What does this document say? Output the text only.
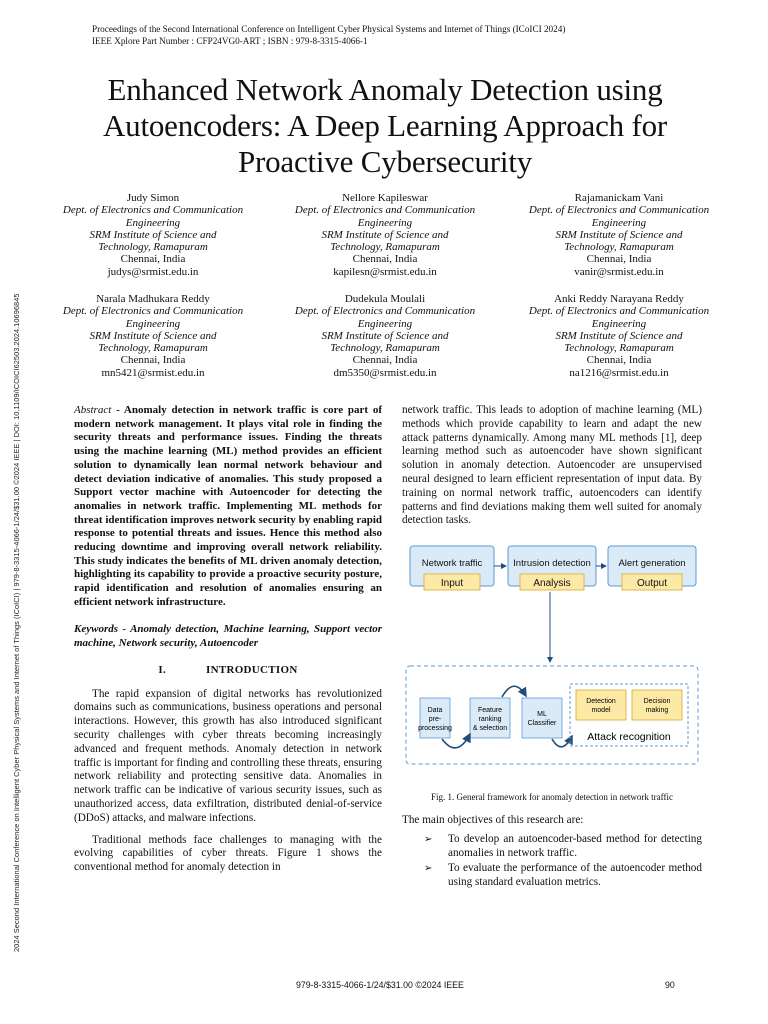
Proceedings of the Second International Conference on Intelligent Cyber Physical Systems and Internet of Things (ICoICI 2024)
IEEE Xplore Part Number : CFP24VG0-ART ; ISBN : 979-8-3315-4066-1
2024 Second International Conference on Intelligent Cyber Physical Systems and Internet of Things (ICoICI) | 979-8-3315-4066-1/24/$31.00 ©2024 IEEE | DOI: 10.1109/ICOICI62503.2024.10696845
Enhanced Network Anomaly Detection using Autoencoders: A Deep Learning Approach for Proactive Cybersecurity
Judy Simon
Dept. of Electronics and Communication
Engineering
SRM Institute of Science and
Technology, Ramapuram
Chennai, India
judys@srmist.edu.in
Nellore Kapileswar
Dept. of Electronics and Communication
Engineering
SRM Institute of Science and
Technology, Ramapuram
Chennai, India
kapilesn@srmist.edu.in
Rajamanickam Vani
Dept. of Electronics and Communication
Engineering
SRM Institute of Science and
Technology, Ramapuram
Chennai, India
vanir@srmist.edu.in
Narala Madhukara Reddy
Dept. of Electronics and Communication
Engineering
SRM Institute of Science and
Technology, Ramapuram
Chennai, India
mn5421@srmist.edu.in
Dudekula Moulali
Dept. of Electronics and Communication
Engineering
SRM Institute of Science and
Technology, Ramapuram
Chennai, India
dm5350@srmist.edu.in
Anki Reddy Narayana Reddy
Dept. of Electronics and Communication
Engineering
SRM Institute of Science and
Technology, Ramapuram
Chennai, India
na1216@srmist.edu.in

Abstract - Anomaly detection in network traffic is core part of modern network management. It plays vital role in finding the security threats and performance issues. Finding the threats using the machine learning (ML) method provides an efficient solution to dynamically lean normal network behaviour and detect deviation indicative of anomalies. This study proposed a Support vector machine with Autoencoder for detecting the anomalies in network traffic. Implementing ML methods for threat identification improves network security by enabling rapid response to potential threats and issues. Hence this method also reducing downtime and improving overall network reliability. This study indicates the benefits of ML driven anomaly detection, highlighting its capability to provide a proactive security posture, rapid identification and resolution of anomalies ensuring an efficient network infrastructure.

Keywords - Anomaly detection, Machine learning, Support vector machine, Network security, Autoencoder

I.	INTRODUCTION

The rapid expansion of digital networks has revolutionized domains such as communications, business operations and personal interactions. However, this growth has also introduced significant security challenges with cyber threats becoming increasingly advanced and frequent methods. Anomaly detection in network traffic is important for finding and controlling these threats, ensuring network reliability and protecting sensitive data. Anomalies in network traffic can be indicative of various security issues, such as unauthorized access, data exfiltration, distributed denial-of-service (DDoS) attacks, and malware infections.

Traditional methods face challenges to managing with the evolving capabilities of cyber threats. Figure 1 shows the conventional method for anomaly detection in

network traffic. This leads to adoption of machine learning (ML) methods which provide capability to learn and adapt the new attack patterns dynamically. Among many ML methods [1], deep learning method such as autoencoder have shown significant solution in anomaly detection. Autoencoder are unsupervised neural designed to learn efficient representation of input data. By training on normal network traffic, autoencoders can identify patterns and find deviations making them well suited for anomaly detection tasks.

Network traffic
Input
Intrusion detection
Analysis
Alert generation
Output
Data
pre-
processing
Feature
ranking
& selection
ML
Classifier
Detection
model
Decision
making
Attack recognition
Fig. 1. General framework for anomaly detection in network traffic
The main objectives of this research are:
➢ To develop an autoencoder-based method for detecting anomalies in network traffic.
➢ To evaluate the performance of the autoencoder method using standard evaluation metrics.
979-8-3315-4066-1/24/$31.00 ©2024 IEEE	90
